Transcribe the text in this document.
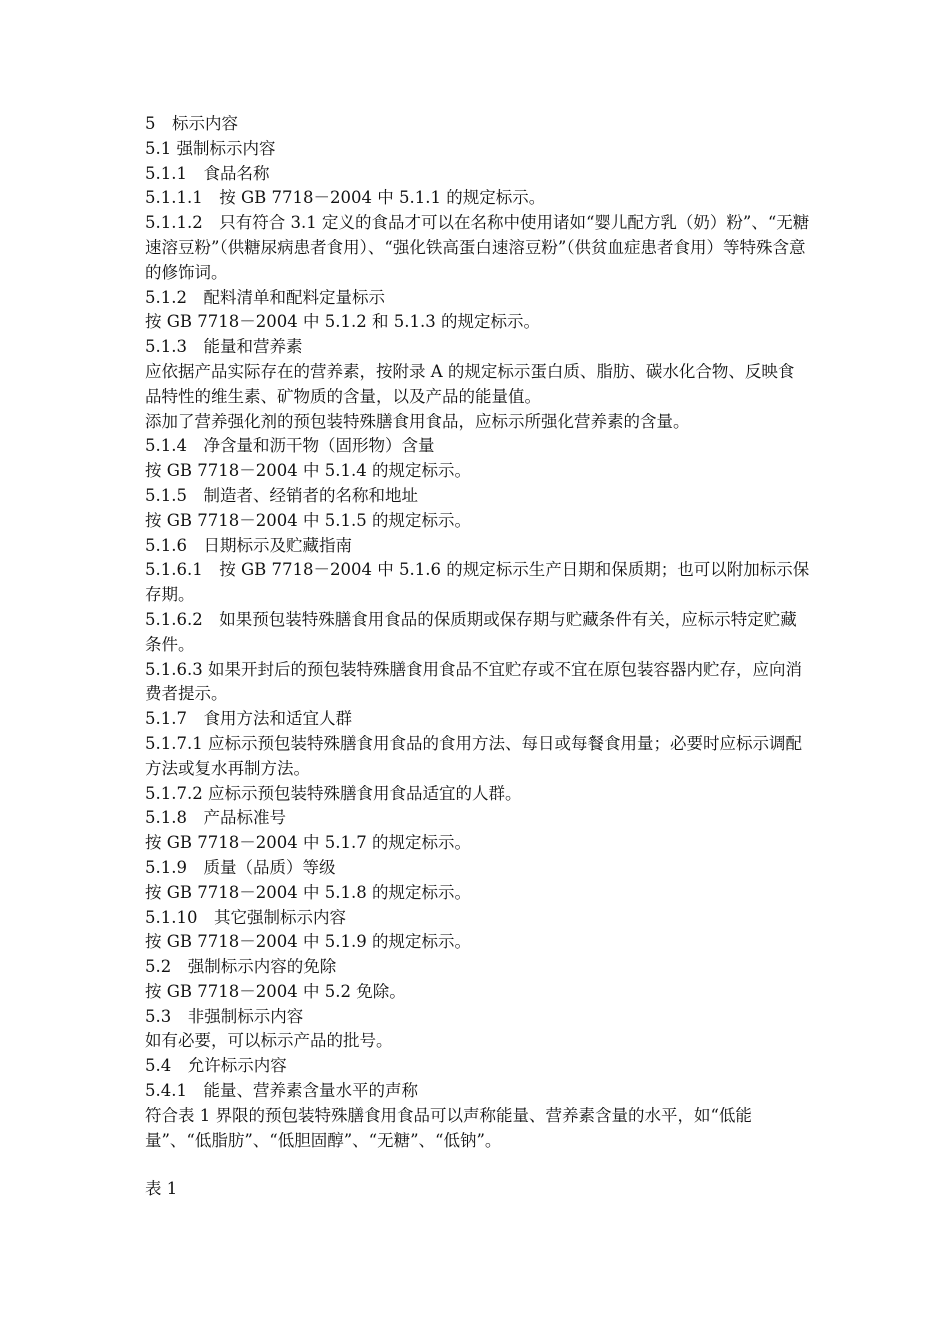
5　标示内容
5.1 强制标示内容
5.1.1　食品名称
5.1.1.1　按 GB 7718－2004 中 5.1.1 的规定标示。
5.1.1.2　只有符合 3.1 定义的食品才可以在名称中使用诸如“婴儿配方乳（奶）粉”、“无糖速溶豆粉”（供糖尿病患者食用）、“强化铁高蛋白速溶豆粉”（供贫血症患者食用）等特殊含意的修饰词。
5.1.2　配料清单和配料定量标示
按 GB 7718－2004 中 5.1.2 和 5.1.3 的规定标示。
5.1.3　能量和营养素
应依据产品实际存在的营养素，按附录 A 的规定标示蛋白质、脂肪、碳水化合物、反映食品特性的维生素、矿物质的含量，以及产品的能量值。
添加了营养强化剂的预包装特殊膳食用食品，应标示所强化营养素的含量。
5.1.4　净含量和沥干物（固形物）含量
按 GB 7718－2004 中 5.1.4 的规定标示。
5.1.5　制造者、经销者的名称和地址
按 GB 7718－2004 中 5.1.5 的规定标示。
5.1.6　日期标示及贮藏指南
5.1.6.1　按 GB 7718－2004 中 5.1.6 的规定标示生产日期和保质期；也可以附加标示保存期。
5.1.6.2　如果预包装特殊膳食用食品的保质期或保存期与贮藏条件有关，应标示特定贮藏条件。
5.1.6.3 如果开封后的预包装特殊膳食用食品不宜贮存或不宜在原包装容器内贮存，应向消费者提示。
5.1.7　食用方法和适宜人群
5.1.7.1 应标示预包装特殊膳食用食品的食用方法、每日或每餐食用量；必要时应标示调配方法或复水再制方法。
5.1.7.2 应标示预包装特殊膳食用食品适宜的人群。
5.1.8　产品标准号
按 GB 7718－2004 中 5.1.7 的规定标示。
5.1.9　质量（品质）等级
按 GB 7718－2004 中 5.1.8 的规定标示。
5.1.10　其它强制标示内容
按 GB 7718－2004 中 5.1.9 的规定标示。
5.2　强制标示内容的免除
按 GB 7718－2004 中 5.2 免除。
5.3　非强制标示内容
如有必要，可以标示产品的批号。
5.4　允许标示内容
5.4.1　能量、营养素含量水平的声称
符合表 1 界限的预包装特殊膳食用食品可以声称能量、营养素含量的水平，如“低能量”、“低脂肪”、“低胆固醇”、“无糖”、“低钠”。
表 1
